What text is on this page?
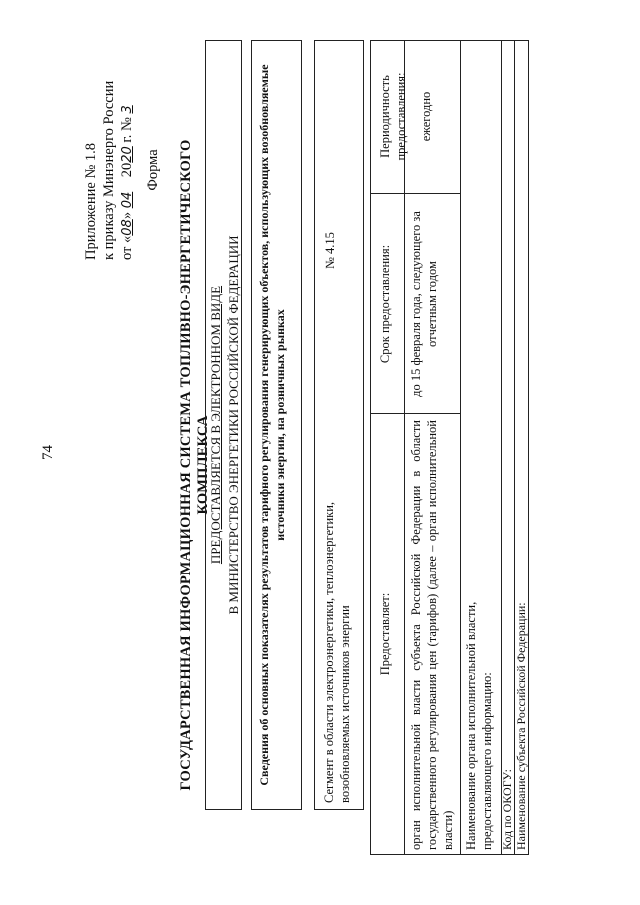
74
Приложение № 1.8 к приказу Минэнерго России от «08» 04    2020 г. № 3
Форма ГОСУДАРСТВЕННАЯ ИНФОРМАЦИОННАЯ СИСТЕМА ТОПЛИВНО-ЭНЕРГЕТИЧЕСКОГО КОМПЛЕКСА
ПРЕДОСТАВЛЯЕТСЯ В ЭЛЕКТРОННОМ ВИДЕ В МИНИСТЕРСТВО ЭНЕРГЕТИКИ РОССИЙСКОЙ ФЕДЕРАЦИИ	Сведения об основных показателях результатов тарифного регулирования генерирующих объектов, использующих возобновляемые источники энергии, на розничных рынках
Сегмент в области электроэнергетики, теплоэнергетики, возобновляемых источников энергии
№ 4.15
Предоставляет:
Срок предоставления:
Периодичность предоставления:
орган исполнительной власти субъекта Российской Федерации в области государственного регулирования цен (тарифов) (далее – орган исполнительной власти)
до 15 февраля года, следующего за отчетным годом
ежегодно
Наименование органа исполнительной власти, предоставляющего информацию: Код по ОКОГУ: Наименование субъекта Российской Федерации:
